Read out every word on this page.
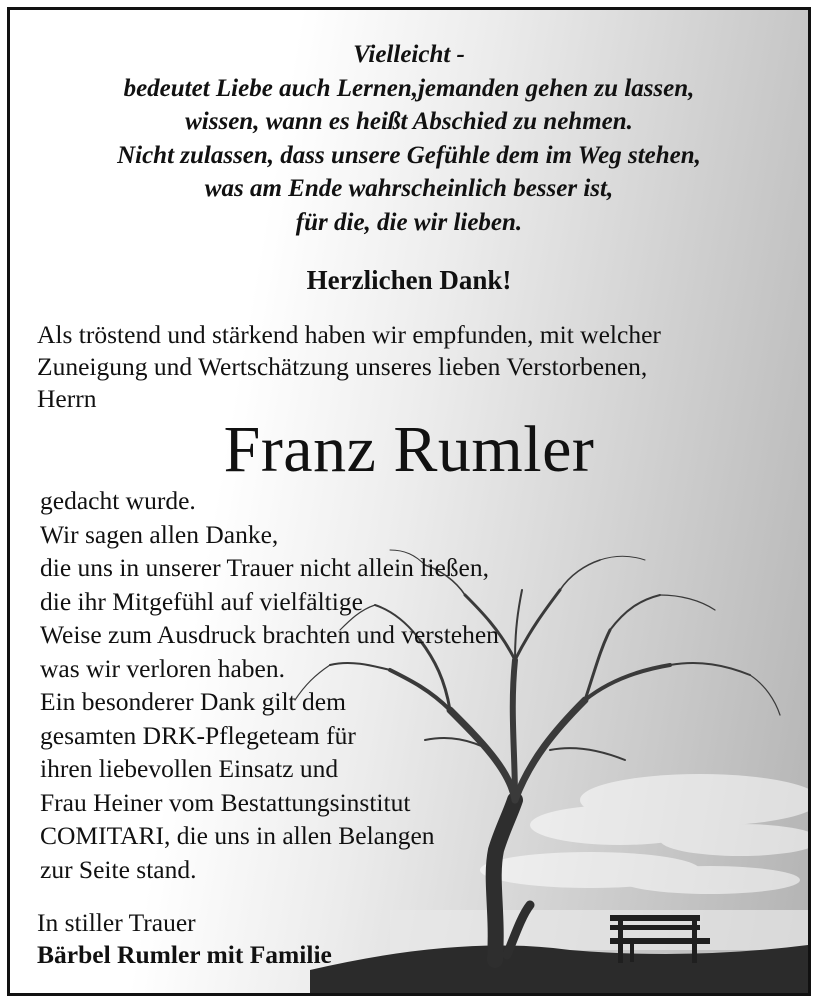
Vielleicht -
bedeutet Liebe auch Lernen,jemanden gehen zu lassen,
wissen, wann es heißt Abschied zu nehmen.
Nicht zulassen, dass unsere Gefühle dem im Weg stehen,
was am Ende wahrscheinlich besser ist,
für die, die wir lieben.
Herzlichen Dank!
Als tröstend und stärkend haben wir empfunden, mit welcher
Zuneigung und Wertschätzung unseres lieben Verstorbenen,
Herrn
Franz Rumler
gedacht wurde.
Wir sagen allen Danke,
die uns in unserer Trauer nicht allein ließen,
die ihr Mitgefühl auf vielfältige
Weise zum Ausdruck brachten und verstehen
was wir verloren haben.
Ein besonderer Dank gilt dem
gesamten DRK-Pflegeteam für
ihren liebevollen Einsatz und
Frau Heiner vom Bestattungsinstitut
COMITARI, die uns in allen Belangen
zur Seite stand.
In stiller Trauer
Bärbel Rumler mit Familie
